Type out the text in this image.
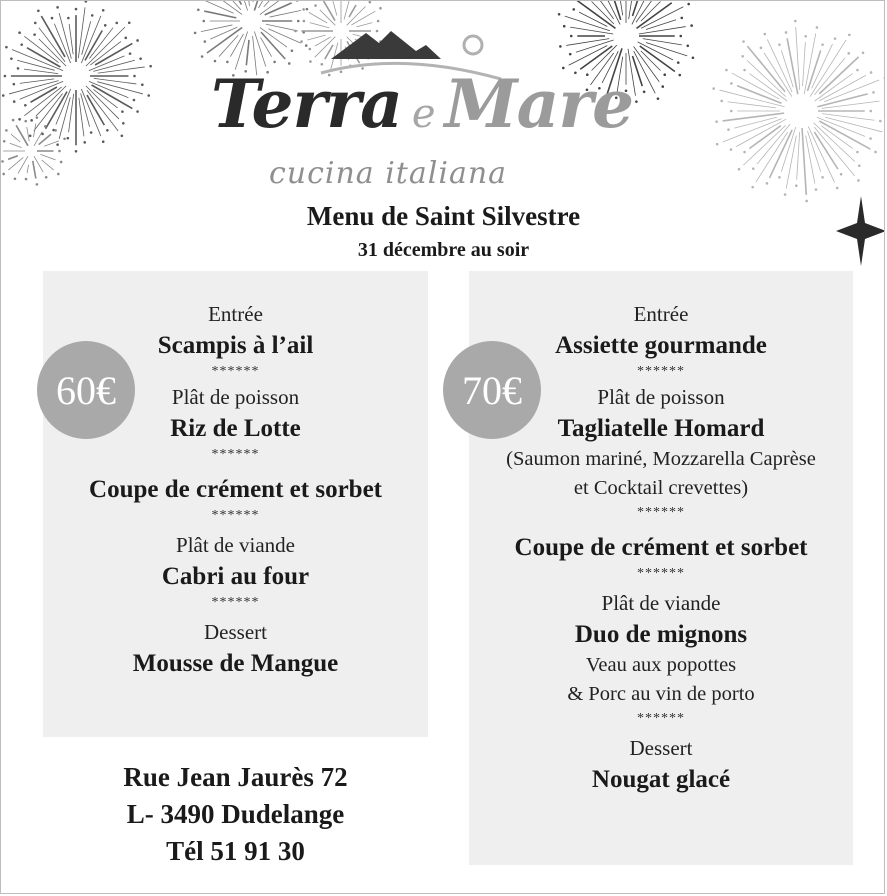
Terra e Mare
cucina italiana
Menu de Saint Silvestre
31 décembre au soir
Entrée
Scampis à l’ail
******
Plât de poisson
Riz de Lotte
******
Coupe de crément et sorbet
******
Plât de viande
Cabri au four
******
Dessert
Mousse de Mangue
60€
Entrée
Assiette gourmande
******
Plât de poisson
Tagliatelle Homard
(Saumon mariné, Mozzarella Caprèse
et Cocktail crevettes)
******
Coupe de crément et sorbet
******
Plât de viande
Duo de mignons
Veau aux popottes
& Porc au vin de porto
******
Dessert
Nougat glacé
70€
Rue Jean Jaurès 72
L- 3490 Dudelange
Tél 51 91 30
